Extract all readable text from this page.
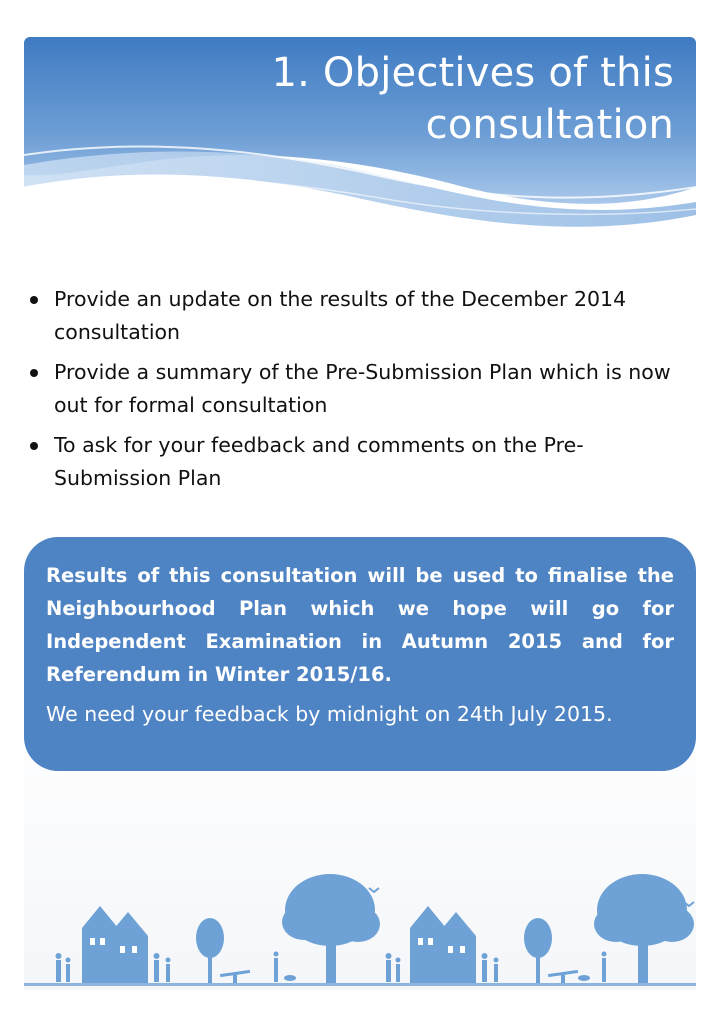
1. Objectives of this
consultation
Provide an update on the results of the December 2014 consultation
Provide a summary of the Pre-Submission Plan which is now out for formal consultation
To ask for your feedback and comments on the Pre-Submission Plan
Results of this consultation will be used to finalise the Neighbourhood Plan which we hope will go for Independent Examination in Autumn 2015 and for Referendum in Winter 2015/16.
We need your feedback by midnight on 24th July 2015.
